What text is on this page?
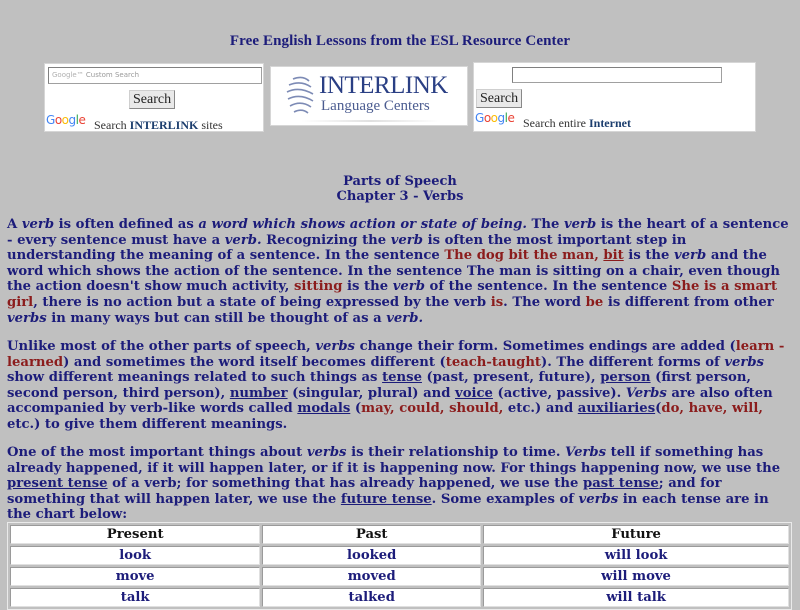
Free English Lessons from the ESL Resource Center
Google™ Custom Search
Search
Google Search INTERLINK sites
INTERLINK
Language Centers	Search
Google Search entire Internet
Parts of Speech
Chapter 3 - Verbs

A verb is often defined as a word which shows action or state of being. The verb is the heart of a sentence - every sentence must have a verb. Recognizing the verb is often the most important step in understanding the meaning of a sentence. In the sentence The dog bit the man, bit is the verb and the word which shows the action of the sentence. In the sentence The man is sitting on a chair, even though the action doesn't show much activity, sitting is the verb of the sentence. In the sentence She is a smart girl, there is no action but a state of being expressed by the verb is. The word be is different from other verbs in many ways but can still be thought of as a verb.

Unlike most of the other parts of speech, verbs change their form. Sometimes endings are added (learn - learned) and sometimes the word itself becomes different (teach-taught). The different forms of verbs show different meanings related to such things as tense (past, present, future), person (first person, second person, third person), number (singular, plural) and voice (active, passive). Verbs are also often accompanied by verb-like words called modals (may, could, should, etc.) and auxiliaries(do, have, will, etc.) to give them different meanings.

One of the most important things about verbs is their relationship to time. Verbs tell if something has already happened, if it will happen later, or if it is happening now. For things happening now, we use the present tense of a verb; for something that has already happened, we use the past tense; and for something that will happen later, we use the future tense. Some examples of verbs in each tense are in the chart below:

Present	Past	Future
look	looked	will look
move	moved	will move
talk	talked	will talk
